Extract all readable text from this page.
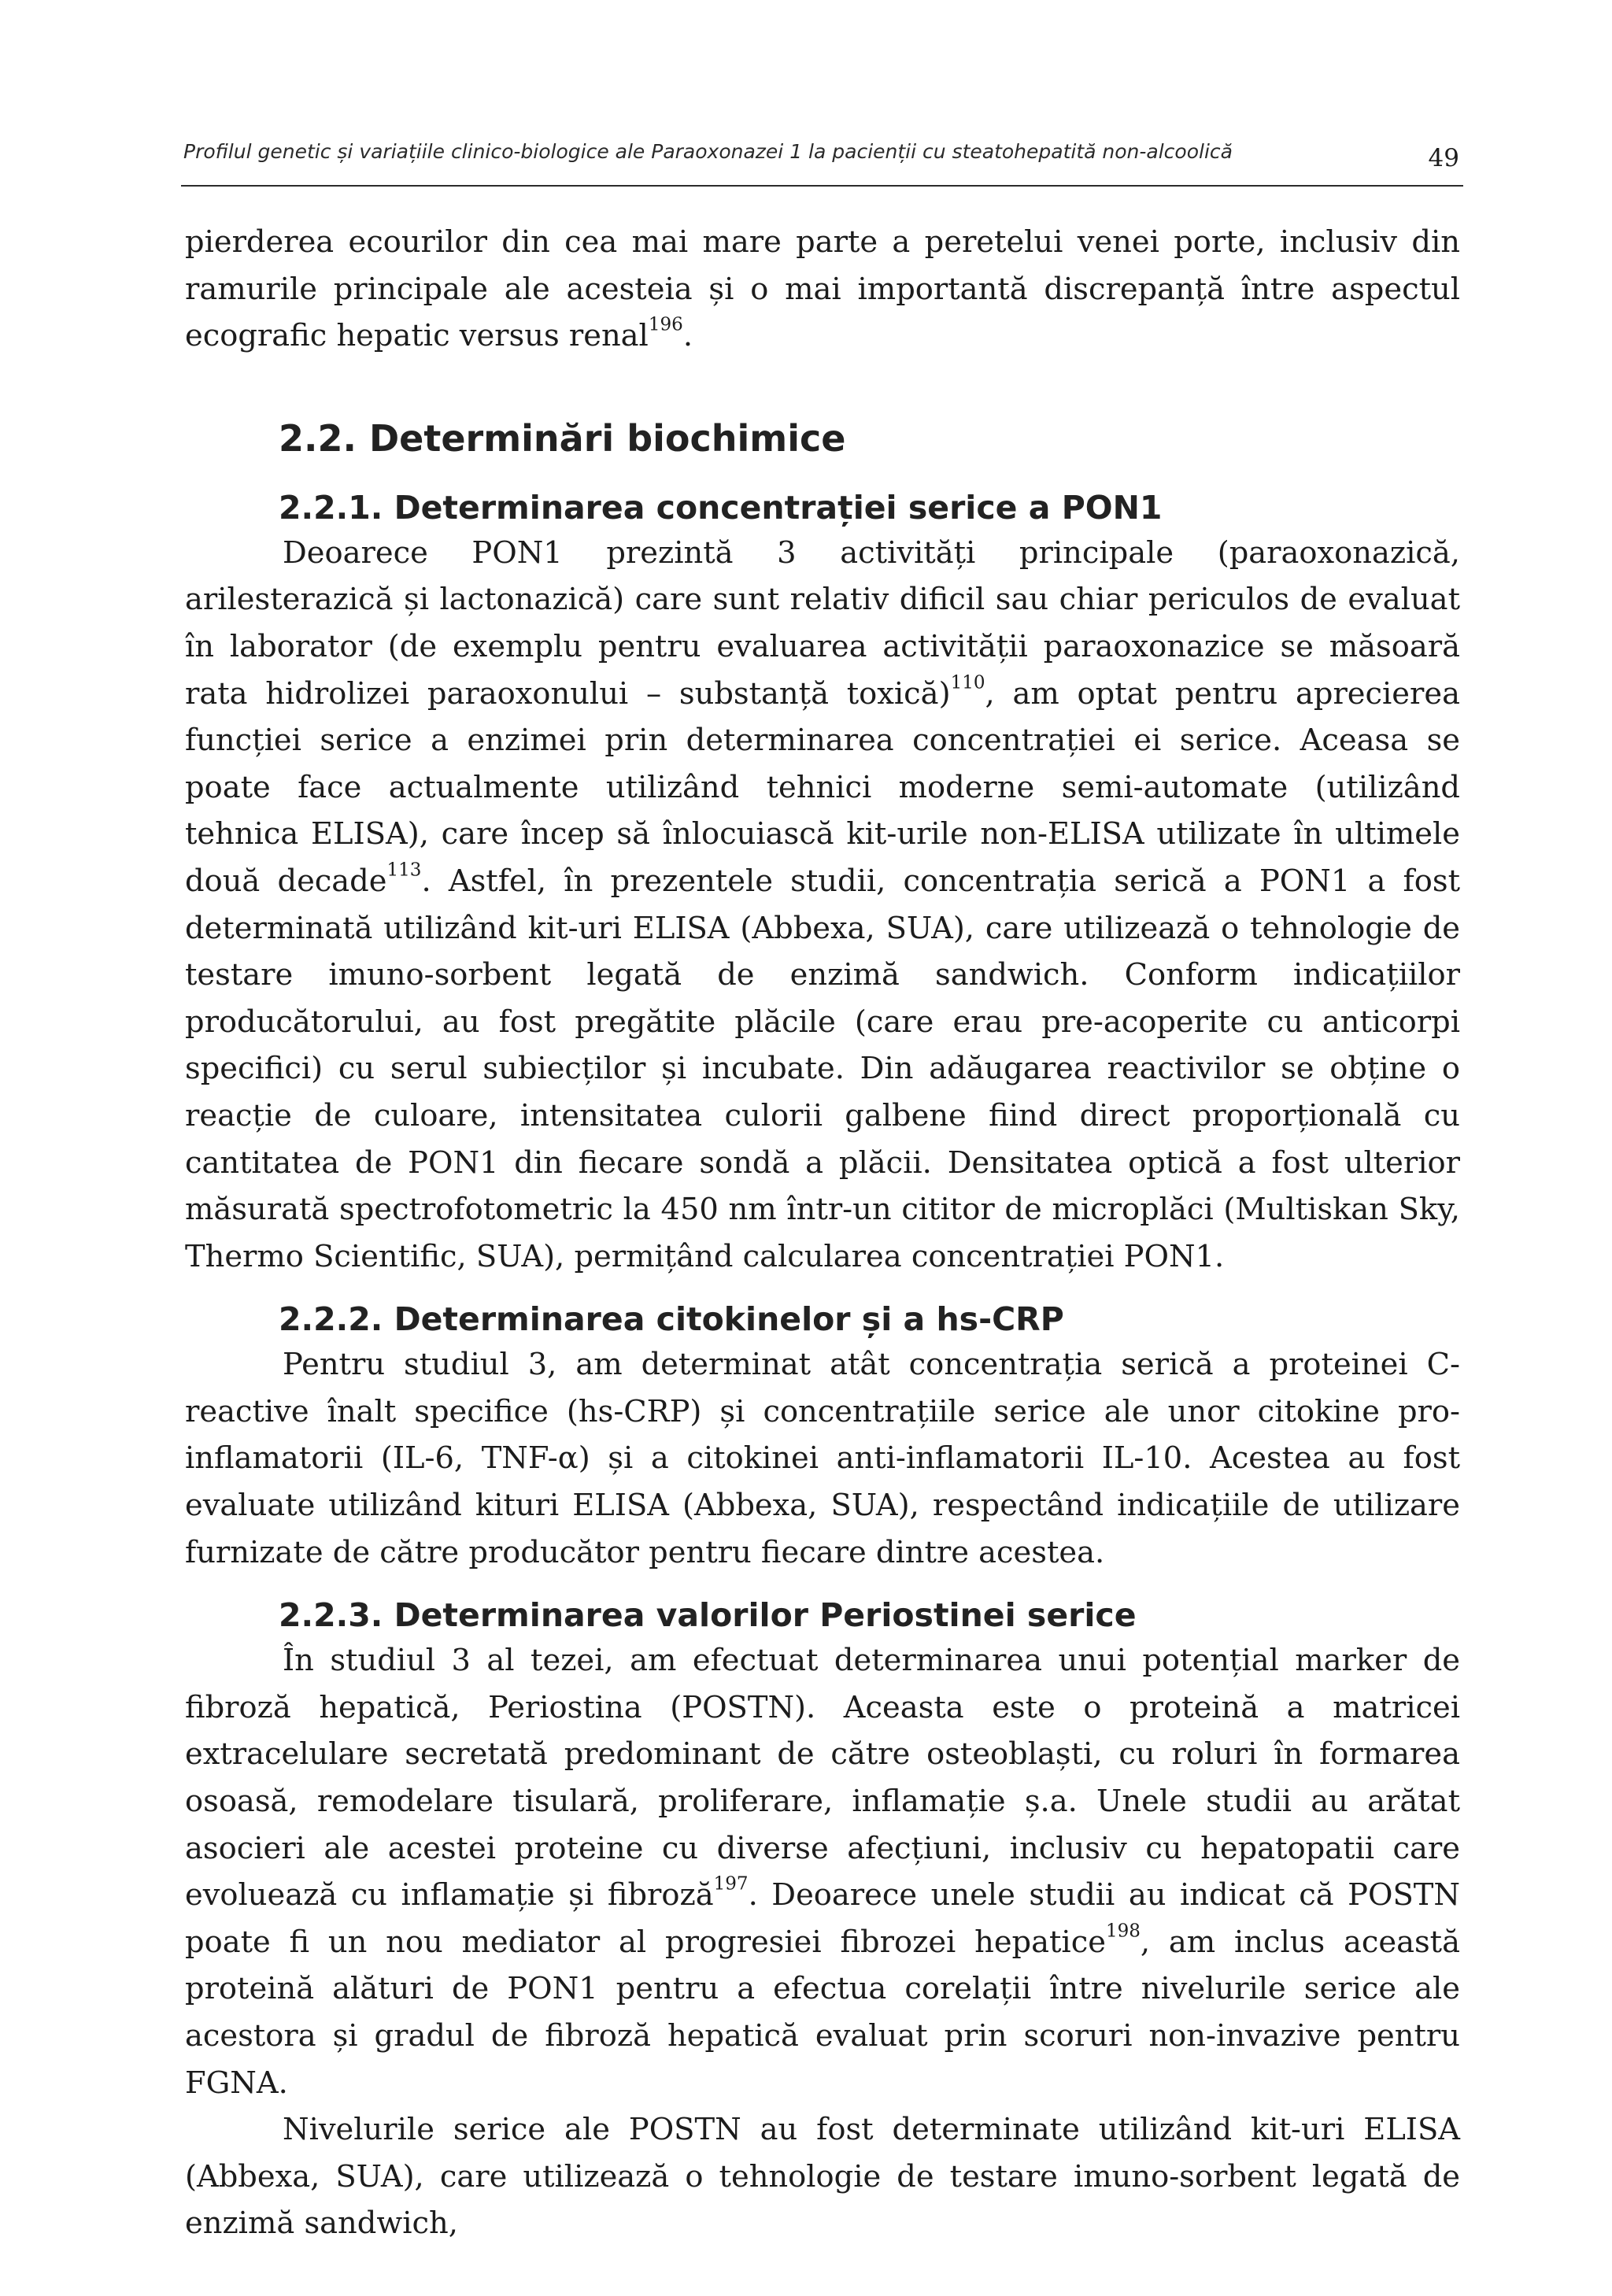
Profilul genetic și variațiile clinico-biologice ale Paraoxonazei 1 la pacienții cu steatohepatită non-alcoolică	49

pierderea ecourilor din cea mai mare parte a peretelui venei porte, inclusiv din ramurile principale ale acesteia și o mai importantă discrepanță între aspectul ecografic hepatic versus renal$^{196}$.

2.2. Determinări biochimice
2.2.1. Determinarea concentrației serice a PON1

Deoarece PON1 prezintă 3 activități principale (paraoxonazică, arilesterazică și lactonazică) care sunt relativ dificil sau chiar periculos de evaluat în laborator (de exemplu pentru evaluarea activității paraoxonazice se măsoară rata hidrolizei paraoxonului – substanță toxică)$^{110}$, am optat pentru aprecierea funcției serice a enzimei prin determinarea concentrației ei serice. Aceasa se poate face actualmente utilizând tehnici moderne semi-automate (utilizând tehnica ELISA), care încep să înlocuiască kit-urile non-ELISA utilizate în ultimele două decade$^{113}$. Astfel, în prezentele studii, concentrația serică a PON1 a fost determinată utilizând kit-uri ELISA (Abbexa, SUA), care utilizează o tehnologie de testare imuno-sorbent legată de enzimă sandwich. Conform indicațiilor producătorului, au fost pregătite plăcile (care erau pre-acoperite cu anticorpi specifici) cu serul subiecților și incubate. Din adăugarea reactivilor se obține o reacție de culoare, intensitatea culorii galbene fiind direct proporțională cu cantitatea de PON1 din fiecare sondă a plăcii. Densitatea optică a fost ulterior măsurată spectrofotometric la 450 nm într-un cititor de microplăci (Multiskan Sky, Thermo Scientific, SUA), permițând calcularea concentrației PON1.

2.2.2. Determinarea citokinelor și a hs-CRP

Pentru studiul 3, am determinat atât concentrația serică a proteinei C-reactive înalt specifice (hs-CRP) și concentrațiile serice ale unor citokine pro-inflamatorii (IL-6, TNF-α) și a citokinei anti-inflamatorii IL-10. Acestea au fost evaluate utilizând kituri ELISA (Abbexa, SUA), respectând indicațiile de utilizare furnizate de către producător pentru fiecare dintre acestea.

2.2.3. Determinarea valorilor Periostinei serice

În studiul 3 al tezei, am efectuat determinarea unui potențial marker de fibroză hepatică, Periostina (POSTN). Aceasta este o proteină a matricei extracelulare secretată predominant de către osteoblaști, cu roluri în formarea osoasă, remodelare tisulară, proliferare, inflamație ș.a. Unele studii au arătat asocieri ale acestei proteine cu diverse afecțiuni, inclusiv cu hepatopatii care evoluează cu inflamație și fibroză$^{197}$. Deoarece unele studii au indicat că POSTN poate fi un nou mediator al progresiei fibrozei hepatice$^{198}$, am inclus această proteină alături de PON1 pentru a efectua corelații între nivelurile serice ale acestora și gradul de fibroză hepatică evaluat prin scoruri non-invazive pentru FGNA.

Nivelurile serice ale POSTN au fost determinate utilizând kit-uri ELISA (Abbexa, SUA), care utilizează o tehnologie de testare imuno-sorbent legată de enzimă sandwich,
